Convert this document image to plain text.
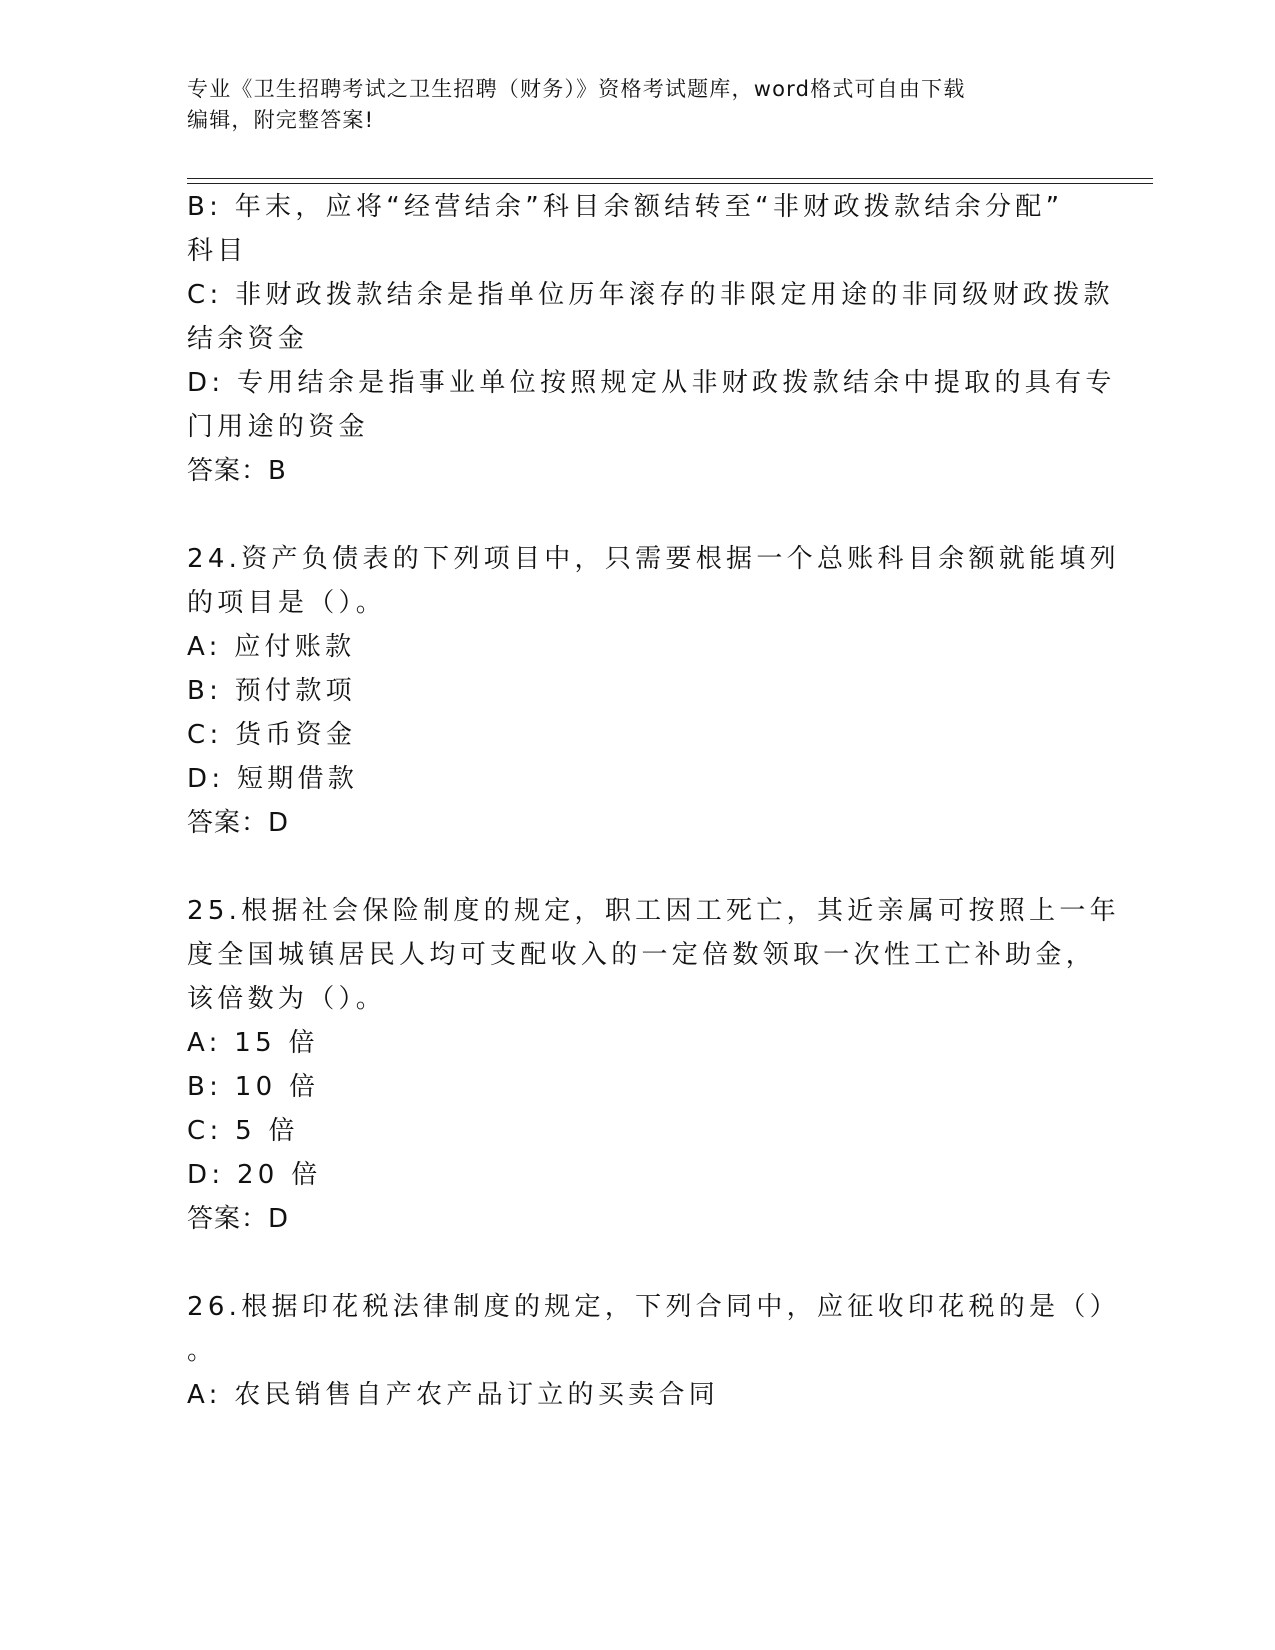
专业《卫生招聘考试之卫生招聘（财务）》资格考试题库，word格式可自由下载
编辑，附完整答案!
B: 年末，应将“经营结余”科目余额结转至“非财政拨款结余分配”
科目
C: 非财政拨款结余是指单位历年滚存的非限定用途的非同级财政拨款
结余资金
D: 专用结余是指事业单位按照规定从非财政拨款结余中提取的具有专
门用途的资金
答案：B
24.资产负债表的下列项目中，只需要根据一个总账科目余额就能填列
的项目是（）。
A: 应付账款
B: 预付款项
C: 货币资金
D: 短期借款
答案：D
25.根据社会保险制度的规定，职工因工死亡，其近亲属可按照上一年
度全国城镇居民人均可支配收入的一定倍数领取一次性工亡补助金，
该倍数为（）。
A: 15 倍
B: 10 倍
C: 5 倍
D: 20 倍
答案：D
26.根据印花税法律制度的规定，下列合同中，应征收印花税的是（）
。
A: 农民销售自产农产品订立的买卖合同
